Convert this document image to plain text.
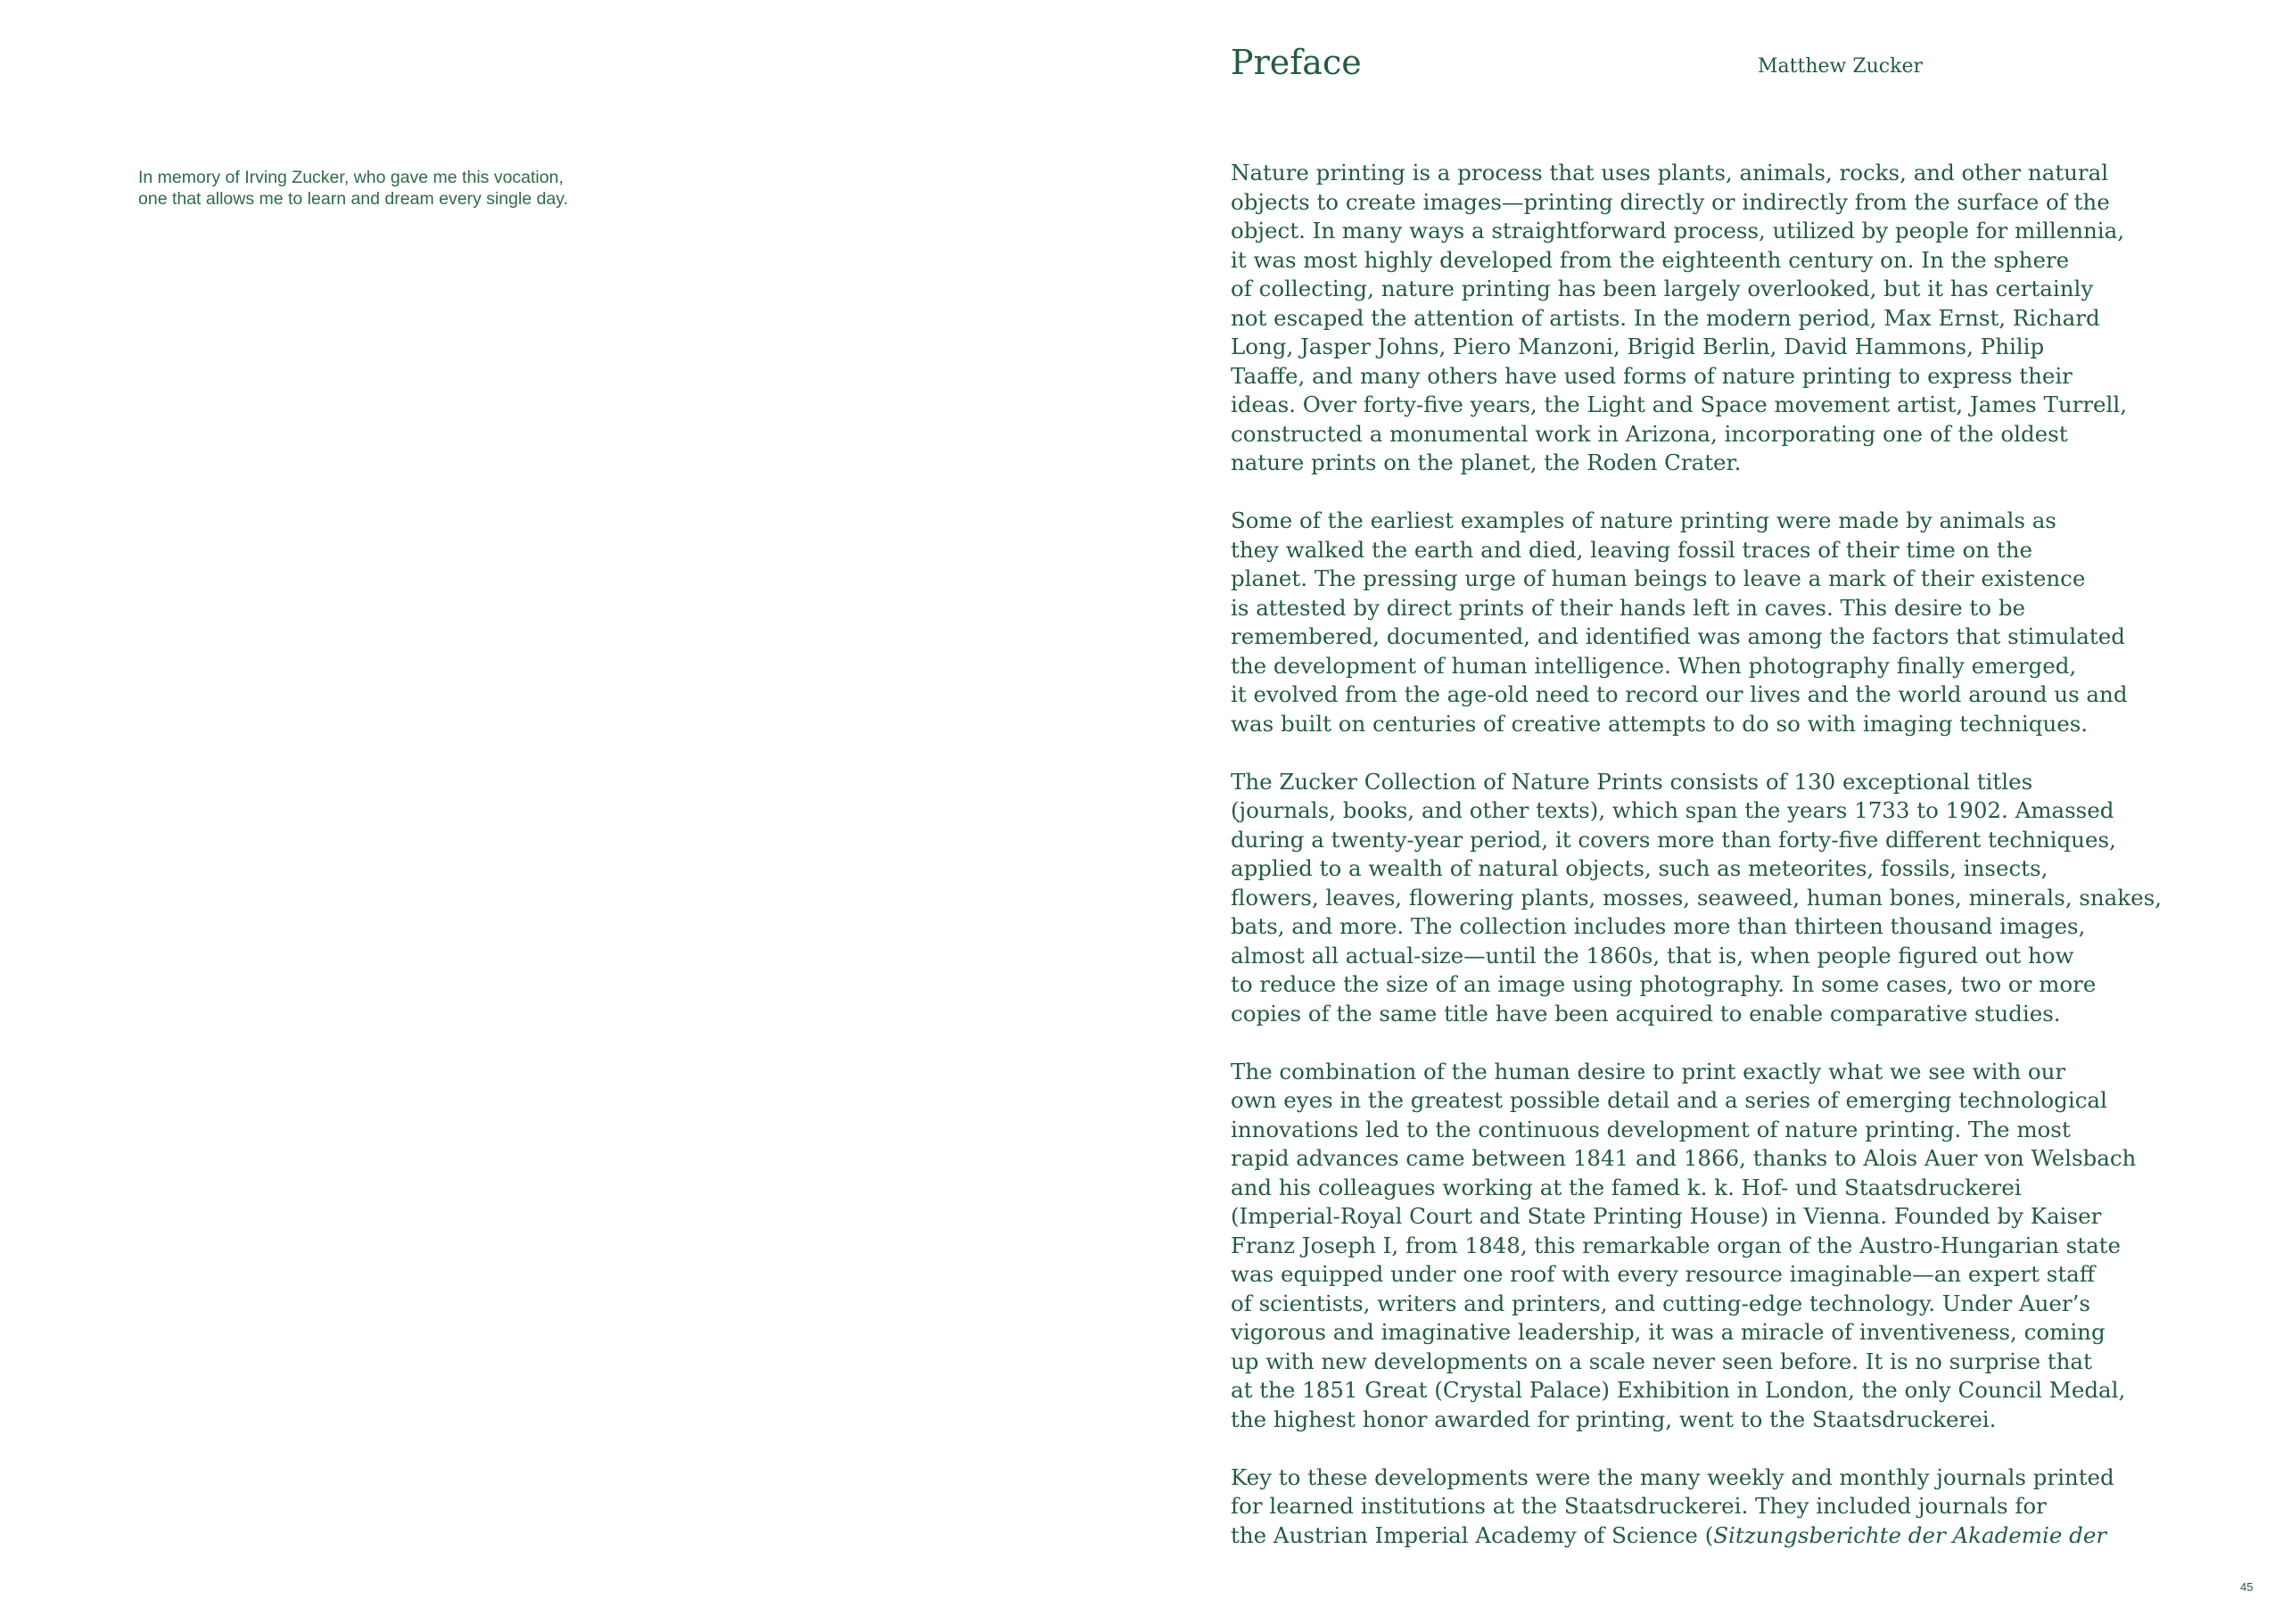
In memory of Irving Zucker, who gave me this vocation,
one that allows me to learn and dream every single day.
Preface	Matthew Zucker

Nature printing is a process that uses plants, animals, rocks, and other natural
objects to create images—printing directly or indirectly from the surface of the
object. In many ways a straightforward process, utilized by people for millennia,
it was most highly developed from the eighteenth century on. In the sphere
of collecting, nature printing has been largely overlooked, but it has certainly
not escaped the attention of artists. In the modern period, Max Ernst, Richard
Long, Jasper Johns, Piero Manzoni, Brigid Berlin, David Hammons, Philip
Taaffe, and many others have used forms of nature printing to express their
ideas. Over forty-five years, the Light and Space movement artist, James Turrell,
constructed a monumental work in Arizona, incorporating one of the oldest
nature prints on the planet, the Roden Crater.

Some of the earliest examples of nature printing were made by animals as
they walked the earth and died, leaving fossil traces of their time on the
planet. The pressing urge of human beings to leave a mark of their existence
is attested by direct prints of their hands left in caves. This desire to be
remembered, documented, and identified was among the factors that stimulated
the development of human intelligence. When photography finally emerged,
it evolved from the age-old need to record our lives and the world around us and
was built on centuries of creative attempts to do so with imaging techniques.

The Zucker Collection of Nature Prints consists of 130 exceptional titles
(journals, books, and other texts), which span the years 1733 to 1902. Amassed
during a twenty-year period, it covers more than forty-five different techniques,
applied to a wealth of natural objects, such as meteorites, fossils, insects,
flowers, leaves, flowering plants, mosses, seaweed, human bones, minerals, snakes,
bats, and more. The collection includes more than thirteen thousand images,
almost all actual-size—until the 1860s, that is, when people figured out how
to reduce the size of an image using photography. In some cases, two or more
copies of the same title have been acquired to enable comparative studies.

The combination of the human desire to print exactly what we see with our
own eyes in the greatest possible detail and a series of emerging technological
innovations led to the continuous development of nature printing. The most
rapid advances came between 1841 and 1866, thanks to Alois Auer von Welsbach
and his colleagues working at the famed k. k. Hof- und Staatsdruckerei
(Imperial-Royal Court and State Printing House) in Vienna. Founded by Kaiser
Franz Joseph I, from 1848, this remarkable organ of the Austro-Hungarian state
was equipped under one roof with every resource imaginable—an expert staff
of scientists, writers and printers, and cutting-edge technology. Under Auer’s
vigorous and imaginative leadership, it was a miracle of inventiveness, coming
up with new developments on a scale never seen before. It is no surprise that
at the 1851 Great (Crystal Palace) Exhibition in London, the only Council Medal,
the highest honor awarded for printing, went to the Staatsdruckerei.

Key to these developments were the many weekly and monthly journals printed
for learned institutions at the Staatsdruckerei. They included journals for
the Austrian Imperial Academy of Science (Sitzungsberichte der Akademie der

45
